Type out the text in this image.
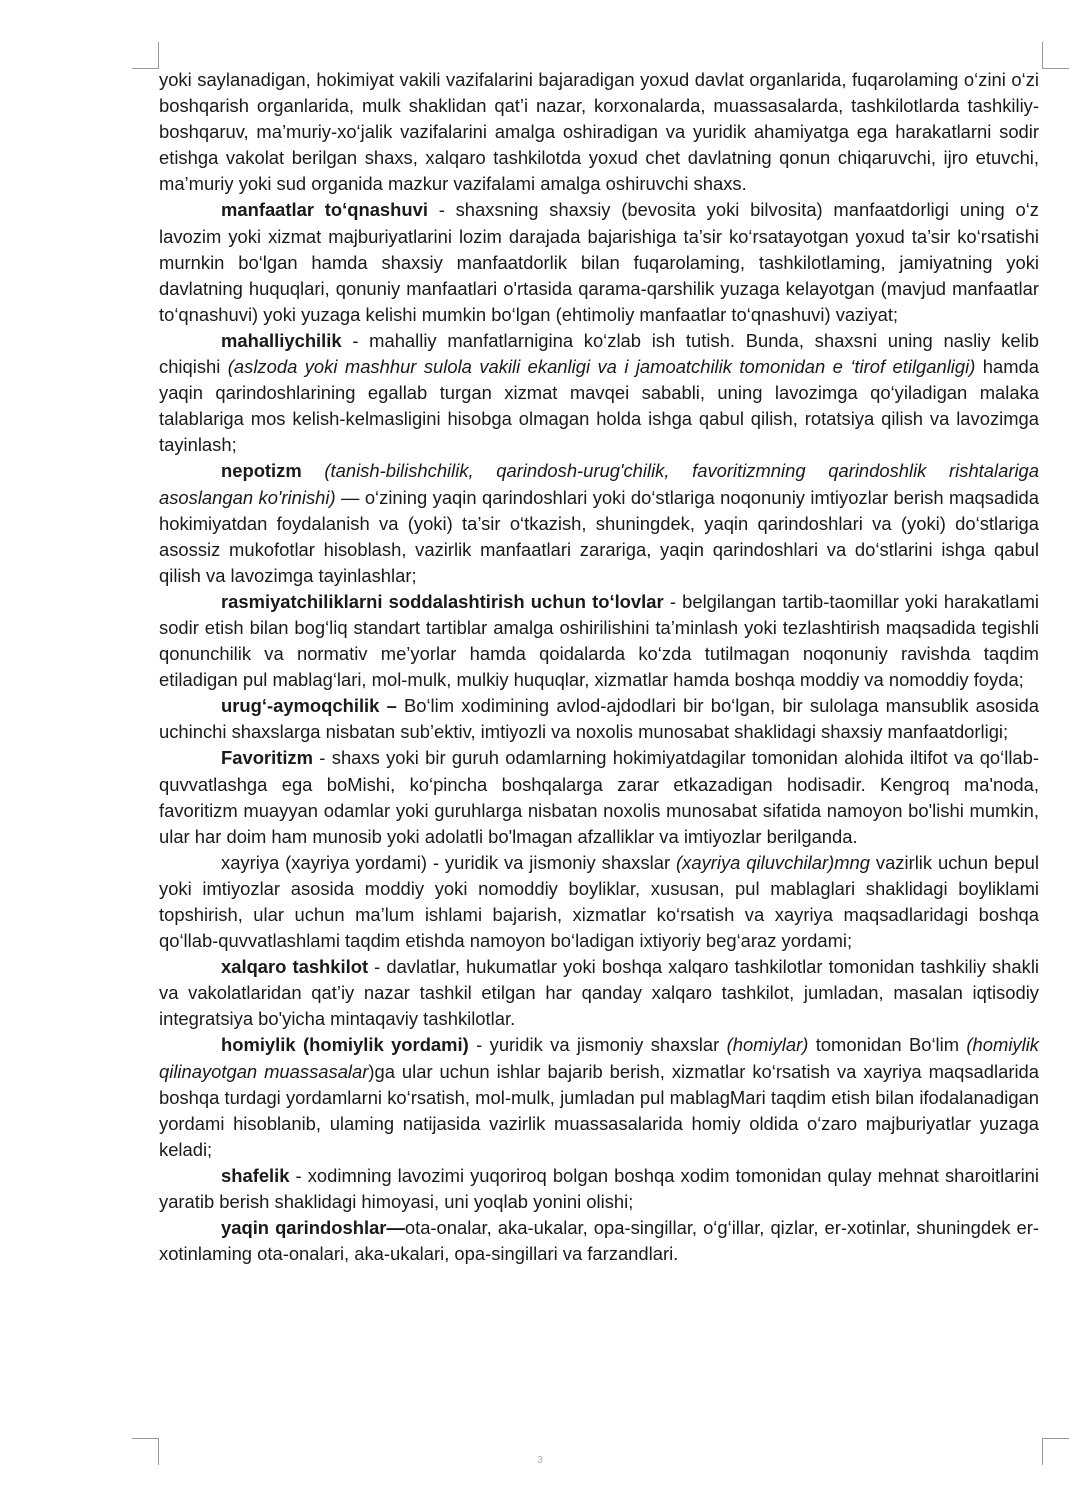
yoki saylanadigan, hokimiyat vakili vazifalarini bajaradigan yoxud davlat organlarida, fuqarolaming o‘zini o‘zi boshqarish organlarida, mulk shaklidan qat’i nazar, korxonalarda, muassasalarda, tashkilotlarda tashkiliy-boshqaruv, ma’muriy-xo‘jalik vazifalarini amalga oshiradigan va yuridik ahamiyatga ega harakatlarni sodir etishga vakolat berilgan shaxs, xalqaro tashkilotda yoxud chet davlatning qonun chiqaruvchi, ijro etuvchi, ma’muriy yoki sud organida mazkur vazifalami amalga oshiruvchi shaxs.

manfaatlar to‘qnashuvi - shaxsning shaxsiy (bevosita yoki bilvosita) manfaatdorligi uning o‘z lavozim yoki xizmat majburiyatlarini lozim darajada bajarishiga ta’sir ko‘rsatayotgan yoxud ta’sir ko‘rsatishi murnkin bo‘lgan hamda shaxsiy manfaatdorlik bilan fuqarolaming, tashkilotlaming, jamiyatning yoki davlatning huquqlari, qonuniy manfaatlari o'rtasida qarama-qarshilik yuzaga kelayotgan (mavjud manfaatlar to‘qnashuvi) yoki yuzaga kelishi mumkin bo‘lgan (ehtimoliy manfaatlar to‘qnashuvi) vaziyat;

mahalliychilik - mahalliy manfatlarnigina ko‘zlab ish tutish. Bunda, shaxsni uning nasliy kelib chiqishi (aslzoda yoki mashhur sulola vakili ekanligi va i jamoatchilik tomonidan e ‘tirof etilganligi) hamda yaqin qarindoshlarining egallab turgan xizmat mavqei sababli, uning lavozimga qo‘yiladigan malaka talablariga mos kelish-kelmasligini hisobga olmagan holda ishga qabul qilish, rotatsiya qilish va lavozimga tayinlash;

nepotizm (tanish-bilishchilik, qarindosh-urug'chilik, favoritizmning qarindoshlik rishtalariga asoslangan ko'rinishi) — o‘zining yaqin qarindoshlari yoki do‘stlariga noqonuniy imtiyozlar berish maqsadida hokimiyatdan foydalanish va (yoki) ta’sir o‘tkazish, shuningdek, yaqin qarindoshlari va (yoki) do‘stlariga asossiz mukofotlar hisoblash, vazirlik manfaatlari zarariga, yaqin qarindoshlari va do‘stlarini ishga qabul qilish va lavozimga tayinlashlar;

rasmiyatchiliklarni soddalashtirish uchun to‘lovlar - belgilangan tartib-taomillar yoki harakatlami sodir etish bilan bog‘liq standart tartiblar amalga oshirilishini ta’minlash yoki tezlashtirish maqsadida tegishli qonunchilik va normativ me’yorlar hamda qoidalarda ko‘zda tutilmagan noqonuniy ravishda taqdim etiladigan pul mablag‘lari, mol-mulk, mulkiy huquqlar, xizmatlar hamda boshqa moddiy va nomoddiy foyda;

urug‘-aymoqchilik – Bo‘lim xodimining avlod-ajdodlari bir bo‘lgan, bir sulolaga mansublik asosida uchinchi shaxslarga nisbatan sub’ektiv, imtiyozli va noxolis munosabat shaklidagi shaxsiy manfaatdorligi;

Favoritizm - shaxs yoki bir guruh odamlarning hokimiyatdagilar tomonidan alohida iltifot va qo‘llab-quvvatlashga ega boMishi, ko‘pincha boshqalarga zarar etkazadigan hodisadir. Kengroq ma'noda, favoritizm muayyan odamlar yoki guruhlarga nisbatan noxolis munosabat sifatida namoyon bo'lishi mumkin, ular har doim ham munosib yoki adolatli bo'lmagan afzalliklar va imtiyozlar berilganda.

xayriya (xayriya yordami) - yuridik va jismoniy shaxslar (xayriya qiluvchilar)mng vazirlik uchun bepul yoki imtiyozlar asosida moddiy yoki nomoddiy boyliklar, xususan, pul mablaglari shaklidagi boyliklami topshirish, ular uchun ma’lum ishlami bajarish, xizmatlar ko‘rsatish va xayriya maqsadlaridagi boshqa qo‘llab-quvvatlashlami taqdim etishda namoyon bo‘ladigan ixtiyoriy beg‘araz yordami;

xalqaro tashkilot - davlatlar, hukumatlar yoki boshqa xalqaro tashkilotlar tomonidan tashkiliy shakli va vakolatlaridan qat’iy nazar tashkil etilgan har qanday xalqaro tashkilot, jumladan, masalan iqtisodiy integratsiya bo'yicha mintaqaviy tashkilotlar.

homiylik (homiylik yordami) - yuridik va jismoniy shaxslar (homiylar) tomonidan Bo‘lim (homiylik qilinayotgan muassasalar)ga ular uchun ishlar bajarib berish, xizmatlar ko‘rsatish va xayriya maqsadlarida boshqa turdagi yordamlarni ko‘rsatish, mol-mulk, jumladan pul mablagMari taqdim etish bilan ifodalanadigan yordami hisoblanib, ulaming natijasida vazirlik muassasalarida homiy oldida o‘zaro majburiyatlar yuzaga keladi;

shafelik - xodimning lavozimi yuqoriroq bolgan boshqa xodim tomonidan qulay mehnat sharoitlarini yaratib berish shaklidagi himoyasi, uni yoqlab yonini olishi;

yaqin qarindoshlar—ota-onalar, aka-ukalar, opa-singillar, o‘g‘illar, qizlar, er-xotinlar, shuningdek er-xotinlaming ota-onalari, aka-ukalari, opa-singillari va farzandlari.

3
